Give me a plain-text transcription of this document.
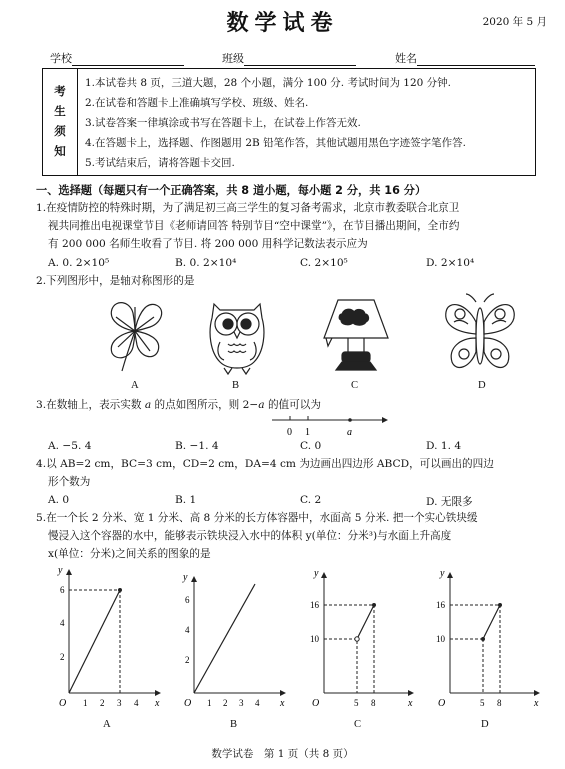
数学试卷	2020 年 5 月
学校	班级	姓名
考
生
须
知
1.本试卷共 8 页，三道大题，28 个小题，满分 100 分. 考试时间为 120 分钟.
2.在试卷和答题卡上准确填写学校、班级、姓名.
3.试卷答案一律填涂或书写在答题卡上，在试卷上作答无效.
4.在答题卡上，选择题、作图题用 2B 铅笔作答，其他试题用黑色字迹签字笔作答.
5.考试结束后，请将答题卡交回.
一、选择题（每题只有一个正确答案，共 8 道小题，每小题 2 分，共 16 分）
1.在疫情防控的特殊时期，为了满足初三高三学生的复习备考需求，北京市教委联合北京卫
视共同推出电视课堂节目《老师请回答 特别节目“空中课堂”》，在节目播出期间，全市约
有 200 000 名师生收看了节目. 将 200 000 用科学记数法表示应为
A. 0. 2×10⁵	B. 0. 2×10⁴	C. 2×10⁵	D. 2×10⁴
2.下列图形中，是轴对称图形的是
A	B	C	D
3.在数轴上，表示实数 a 的点如图所示，则 2−a 的值可以为
0 1	a
A. −5. 4	B. −1. 4	C. 0	D. 1. 4
4.以 AB=2 cm，BC=3 cm，CD=2 cm，DA=4 cm 为边画出四边形 ABCD，可以画出的四边
形个数为
A. 0	B. 1	C. 2	D. 无限多
5.在一个长 2 分米、宽 1 分米、高 8 分米的长方体容器中，水面高 5 分米. 把一个实心铁块缓
慢浸入这个容器的水中，能够表示铁块浸入水中的体积 y(单位：分米³)与水面上升高度
x(单位：分米)之间关系的图象的是
y
x
O 1 2 3 4
2
4
6
y
x
O 1 2 3 4
2
4
6
y
x
O	5 8
10
16
y
x
O	5 8
10
16
A	B	C	D
数学试卷　第 1 页（共 8 页）
